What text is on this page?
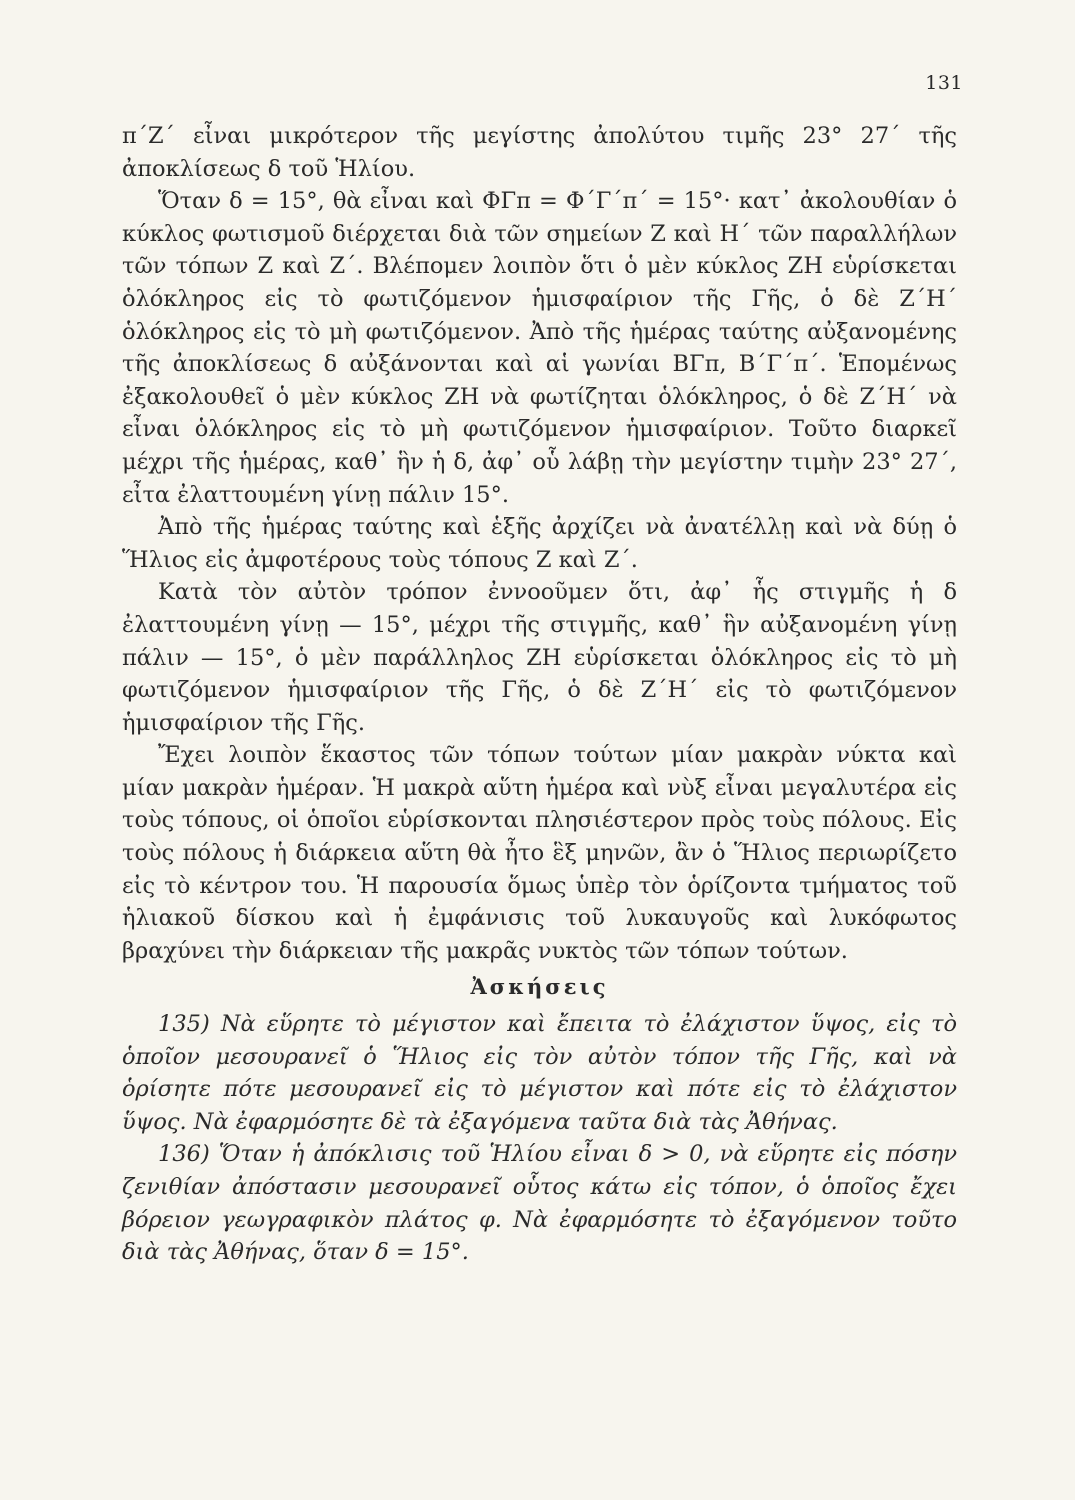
131

π΄Ζ΄ εἶναι μικρότερον τῆς μεγίστης ἀπολύτου τιμῆς 23° 27΄ τῆς ἀποκλίσεως δ τοῦ Ἡλίου.

Ὅταν δ = 15°, θὰ εἶναι καὶ ΦΓπ = Φ΄Γ΄π΄ = 15°· κατ᾽ ἀκολουθίαν ὁ κύκλος φωτισμοῦ διέρχεται διὰ τῶν σημείων Ζ καὶ Η΄ τῶν παραλλήλων τῶν τόπων Ζ καὶ Ζ΄. Βλέπομεν λοιπὸν ὅτι ὁ μὲν κύκλος ΖΗ εὑρίσκεται ὁλόκληρος εἰς τὸ φωτιζόμενον ἡμισφαίριον τῆς Γῆς, ὁ δὲ Ζ΄Η΄ ὁλόκληρος εἰς τὸ μὴ φωτιζόμενον. Ἀπὸ τῆς ἡμέρας ταύτης αὐξανομένης τῆς ἀποκλίσεως δ αὐξάνονται καὶ αἱ γωνίαι ΒΓπ, Β΄Γ΄π΄. Ἑπομένως ἐξακολουθεῖ ὁ μὲν κύκλος ΖΗ νὰ φωτίζηται ὁλόκληρος, ὁ δὲ Ζ΄Η΄ νὰ εἶναι ὁλόκληρος εἰς τὸ μὴ φωτιζόμενον ἡμισφαίριον. Τοῦτο διαρκεῖ μέχρι τῆς ἡμέρας, καθ᾽ ἣν ἡ δ, ἀφ᾽ οὗ λάβῃ τὴν μεγίστην τιμὴν 23° 27΄, εἶτα ἐλαττουμένη γίνῃ πάλιν 15°.

Ἀπὸ τῆς ἡμέρας ταύτης καὶ ἑξῆς ἀρχίζει νὰ ἀνατέλλῃ καὶ νὰ δύῃ ὁ Ἥλιος εἰς ἀμφοτέρους τοὺς τόπους Ζ καὶ Ζ΄.

Κατὰ τὸν αὐτὸν τρόπον ἐννοοῦμεν ὅτι, ἀφ᾽ ἧς στιγμῆς ἡ δ ἐλαττουμένη γίνῃ — 15°, μέχρι τῆς στιγμῆς, καθ᾽ ἣν αὐξανομένη γίνῃ πάλιν — 15°, ὁ μὲν παράλληλος ΖΗ εὑρίσκεται ὁλόκληρος εἰς τὸ μὴ φωτιζόμενον ἡμισφαίριον τῆς Γῆς, ὁ δὲ Ζ΄Η΄ εἰς τὸ φωτιζόμενον ἡμισφαίριον τῆς Γῆς.

Ἔχει λοιπὸν ἕκαστος τῶν τόπων τούτων μίαν μακρὰν νύκτα καὶ μίαν μακρὰν ἡμέραν. Ἡ μακρὰ αὕτη ἡμέρα καὶ νὺξ εἶναι μεγαλυτέρα εἰς τοὺς τόπους, οἱ ὁποῖοι εὑρίσκονται πλησιέστερον πρὸς τοὺς πόλους. Εἰς τοὺς πόλους ἡ διάρκεια αὕτη θὰ ἦτο ἓξ μηνῶν, ἂν ὁ Ἥλιος περιωρίζετο εἰς τὸ κέντρον του. Ἡ παρουσία ὅμως ὑπὲρ τὸν ὁρίζοντα τμήματος τοῦ ἡλιακοῦ δίσκου καὶ ἡ ἐμφάνισις τοῦ λυκαυγοῦς καὶ λυκόφωτος βραχύνει τὴν διάρκειαν τῆς μακρᾶς νυκτὸς τῶν τόπων τούτων.

Ἀσκήσεις

135) Νὰ εὕρητε τὸ μέγιστον καὶ ἔπειτα τὸ ἐλάχιστον ὕψος, εἰς τὸ ὁποῖον μεσουρανεῖ ὁ Ἥλιος εἰς τὸν αὐτὸν τόπον τῆς Γῆς, καὶ νὰ ὁρίσητε πότε μεσουρανεῖ εἰς τὸ μέγιστον καὶ πότε εἰς τὸ ἐλάχιστον ὕψος. Νὰ ἐφαρμόσητε δὲ τὰ ἐξαγόμενα ταῦτα διὰ τὰς Ἀθήνας.

136) Ὅταν ἡ ἀπόκλισις τοῦ Ἡλίου εἶναι δ > 0, νὰ εὕρητε εἰς πόσην ζενιθίαν ἀπόστασιν μεσουρανεῖ οὗτος κάτω εἰς τόπον, ὁ ὁποῖος ἔχει βόρειον γεωγραφικὸν πλάτος φ. Νὰ ἐφαρμόσητε τὸ ἐξαγόμενον τοῦτο διὰ τὰς Ἀθήνας, ὅταν δ = 15°.
